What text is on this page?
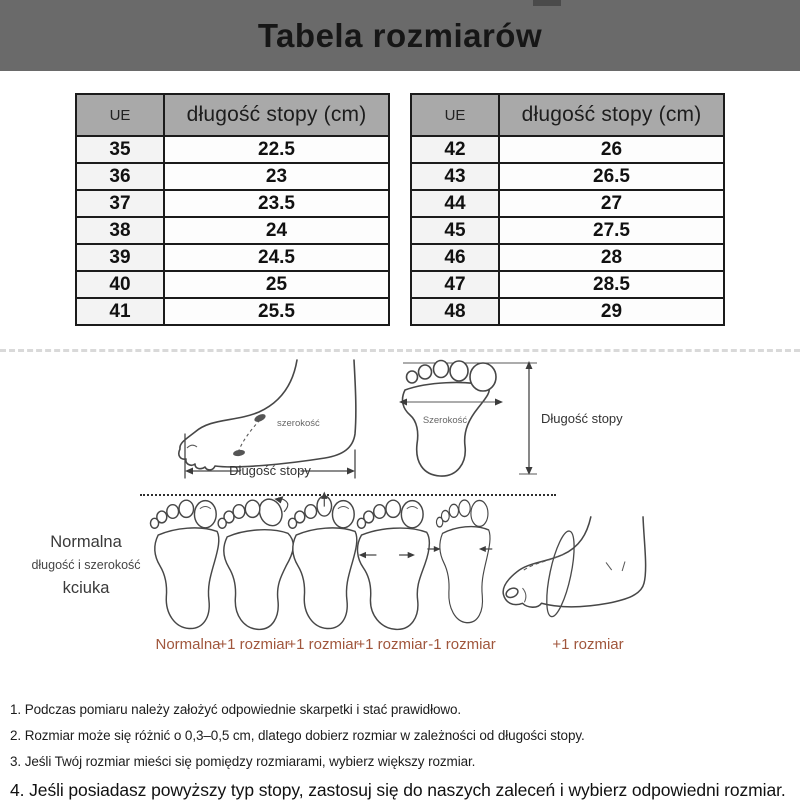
Tabela rozmiarów
UE	długość stopy (cm)
35	22.5
36	23
37	23.5
38	24
39	24.5
40	25
41	25.5
UE	długość stopy (cm)
42	26
43	26.5
44	27
45	27.5
46	28
47	28.5
48	29
szerokość
Długość stopy
Szerokość	Długość stopy

Normalna

długość i szerokość

kciuka

Normalna
+1 rozmiar
+1 rozmiar
+1 rozmiar -1 rozmiar	+1 rozmiar

1. Podczas pomiaru należy założyć odpowiednie skarpetki i stać prawidłowo.

2. Rozmiar może się różnić o 0,3–0,5 cm, dlatego dobierz rozmiar w zależności od długości stopy.

3. Jeśli Twój rozmiar mieści się pomiędzy rozmiarami, wybierz większy rozmiar.

4. Jeśli posiadasz powyższy typ stopy, zastosuj się do naszych zaleceń i wybierz odpowiedni rozmiar.
